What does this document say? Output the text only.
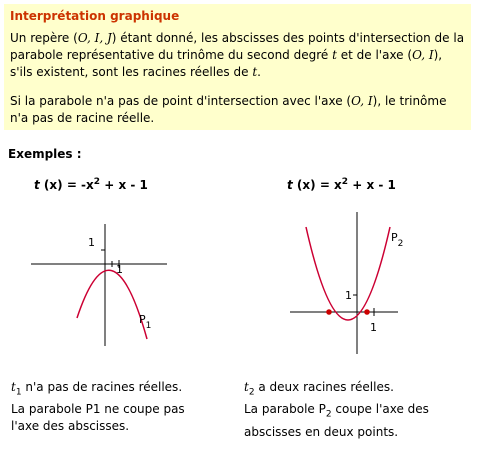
Interprétation graphique

Un repère (O, I, J) étant donné, les abscisses des points d'intersection de la parabole représentative du trinôme du second degré t et de l'axe (O, I), s'ils existent, sont les racines réelles de t.

Si la parabole n'a pas de point d'intersection avec l'axe (O, I), le trinôme n'a pas de racine réelle.

Exemples :
t $(x) = -x^2 + x - 1$	t $(x) = x^2 + x - 1$
1
1
$P_1$
1
1
$P_2$
$t_1$ n'a pas de racines réelles.
La parabole P1 ne coupe pas
l'axe des abscisses.
$t_2$ a deux racines réelles.
La parabole $P_2$ coupe l'axe des
abscisses en deux points.
